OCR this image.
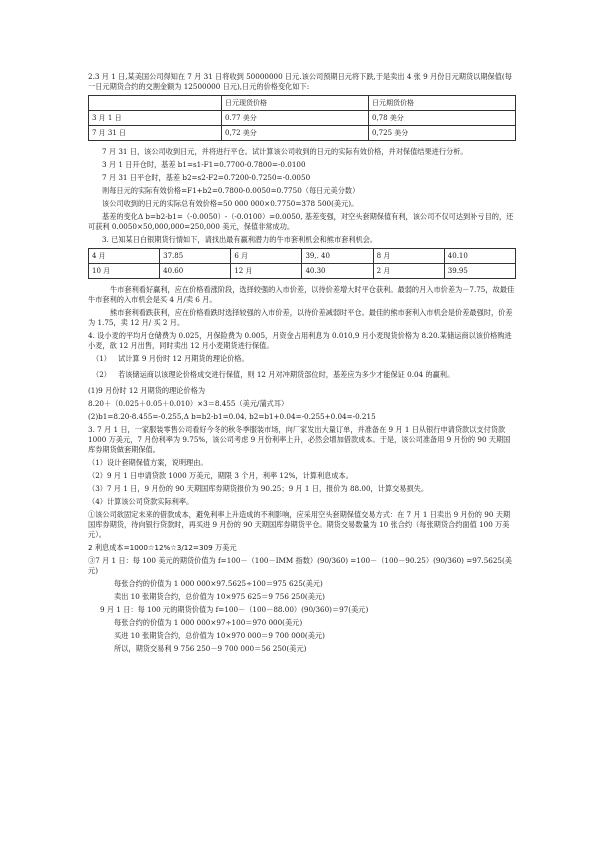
2.3 月 1 日,某美国公司得知在 7 月 31 日将收到 50000000 日元.该公司预期日元将下跌,于是卖出 4 张 9 月份日元期货以期保值(每一日元期货合约的交割金额为 12500000 日元),日元的价格变化如下:

	日元现货价格	日元期货价格
3 月 1 日	0.77 美分	0,78 美分
7 月 31 日	0,72 美分	0,725 美分

7 月 31 日，该公司收到日元，并将进行平仓。试计算该公司收到的日元的实际有效价格，并对保值结果进行分析。

3 月 1 日开仓时，基差 b1=s1-F1=0.7700-0.7800=-0.0100

7 月 31 日平仓时，基差 b2=s2-F2=0.7200-0.7250=-0.0050

则每日元的实际有效价格=F1+b2=0.7800-0.0050=0.7750（每日元美分数）

该公司收到的日元的实际总有效价格=50 000 000×0.7750=378 500(美元)。

基差的变化Δ b=b2-b1=（-0.0050）-（-0.0100）=0.0050, 基差变强，对空头套期保值有利，该公司不仅可达到补亏目的，还可获利 0.0050×50,000,000=250,000 美元，保值非常成功。

3. 已知某日白银期货行情如下，请找出最有赢利潜力的牛市套利机会和熊市套利机会。

4 月	37.85	6 月	39,. 40	8 月	40.10
10 月	40.60	12 月	40.30	2 月	39.95

牛市套利看好赢利，应在价格看涨阶段，选择较强的入市价差，以待价差增大时平仓获利。最弱的月入市价差为－7.75，故最佳牛市套利的入市机会是买 4 月/卖 6 月。

熊市套利看跌获利，应在价格看跌时选择较强的入市价差，以待价差减弱时平仓。最佳的熊市套利入市机会是价差最强时，价差为 1.75，卖 12 月/ 买 2 月。

4. 设小麦的平均月仓储费为 0.025，月保险费为 0.005，月资金占用利息为 0.010,9 月小麦现货价格为 8.20.某储运商以该价格购进小麦，欲 12 月出售，同时卖出 12 月小麦期货进行保值。

（1） 试计算 9 月份时 12 月期货的理论价格。
（2） 若该储运商以该理论价格成交进行保值，则 12 月对冲期货部位时，基差应为多少才能保证 0.04 的赢利。

(1)9 月份时 12 月期货的理论价格为

8.20＋（0.025＋0.05＋0.010）×3＝8.455（美元/蒲式耳）

(2)b1=8.20-8.455=-0.255,Δ b=b2-b1=0.04, b2=b1+0.04=-0.255+0.04=-0.215

3. 7 月 1 日，一家服装零售公司看好今冬的秋冬季服装市场，向厂家发出大量订单，并准备在 9 月 1 日从银行申请贷款以支付货款 1000 万美元，7 月份利率为 9.75%，该公司考虑 9 月份利率上升，必然会增加借款成本。于是，该公司准备用 9 月份的 90 天期国库券期货做套期保值。

（1）设计套期保值方案，说明理由。

（2）9 月 1 日申请贷款 1000 万美元，期限 3 个月，利率 12%，计算利息成本。

（3）7 月 1 日，9 月份的 90 天期国库券期货报价为 90.25；9 月 1 日，报价为 88.00，计算交易损失。

（4）计算该公司贷款实际利率。

①该公司欲固定未来的借款成本，避免利率上升造成的不利影响，应采用空头套期保值交易方式：在 7 月 1 日卖出 9 月份的 90 天期国库券期货，待向银行贷款时，再买进 9 月份的 90 天期国库券期货平仓。期货交易数量为 10 张合约（每张期货合约面值 100 万美元）。

2 利息成本=1000☆12%☆3/12=309 万美元

③7 月 1 日：每 100 美元的期货价值为 f=100－（100－IMM 指数）(90/360) =100－（100－90.25）(90/360) =97.5625(美元)

每张合约的价值为 1 000 000×97.5625÷100＝975 625(美元)

卖出 10 张期货合约，总价值为 10×975 625＝9 756 250(美元)

9 月 1 日：每 100 元的期货价值为 f=100－（100－88.00）(90/360)＝97(美元)

每张合约的价值为 1 000 000×97÷100＝970 000(美元)

买进 10 张期货合约，总价值为 10×970 000＝9 700 000(美元)

所以，期货交易利 9 756 250－9 700 000＝56 250(美元)
